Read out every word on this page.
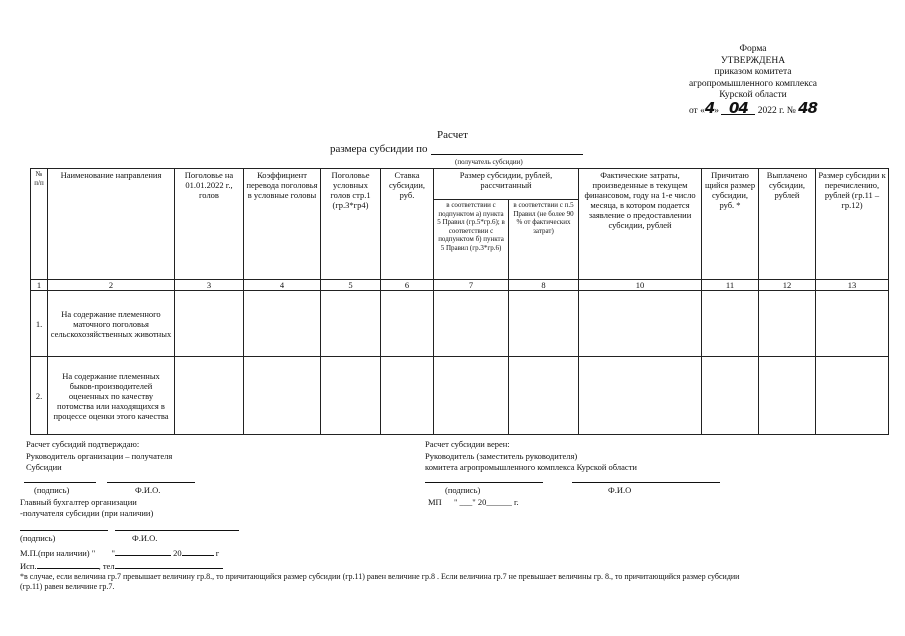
Форма
УТВЕРЖДЕНА
приказом комитета
агропромышленного комплекса
Курской области
от «4» 04 2022 г. № 48
Расчет
размера субсидии по
(получатель субсидии)
№ п/п	Наименование направления	Поголовье на 01.01.2022 г., голов	Коэффициент перевода поголовья в условные головы	Поголовье условных голов стр.1 (гр.3*гр4)	Ставка субсидии, руб.	Размер субсидии, рублей, рассчитанный		Фактические затраты, произведенные в текущем финансовом, году на 1-е число месяца, в котором подается заявление о предоставлении субсидии, рублей	Причитаю щийся размер субсидии, руб. *	Выплачено субсидии, рублей	Размер субсидии к перечислению, рублей (гр.11 – гр.12)
						в соответствии с подпунктом а) пункта 5 Правил (гр.5*гр.6); в соответствии с подпунктом б) пункта 5 Правил (гр.3*гр.6)	в соответствии с п.5 Правил (не более 90 % от фактических затрат)				
1	2	3	4	5	6	7	8	10	11	12	13
1.	На содержание племенного маточного поголовья сельскохозяйственных животных										
2.	На содержание племенных быков-производителей оцененных по качеству потомства или находящихся в процессе оценки этого качества										
Расчет субсидий подтверждаю:
Руководитель организации – получателя
Субсидии
(подпись)	Ф.И.О.
Главный бухгалтер организации
-получателя субсидии (при наличии)
(подпись)	Ф.И.О.
М.П.(при наличии) " "	20	г
Исп.	, тел
Расчет субсидии верен:
Руководитель (заместитель руководителя)
комитета агропромышленного комплекса Курской области
(подпись)	Ф.И.О
МП " ___" 20______ г.
*в случае, если величина гр.7 превышает величину гр.8., то причитающийся размер субсидии (гр.11) равен величине гр.8 . Если величина гр.7 не превышает величины гр. 8., то причитающийся размер субсидии
(гр.11) равен величине гр.7.
